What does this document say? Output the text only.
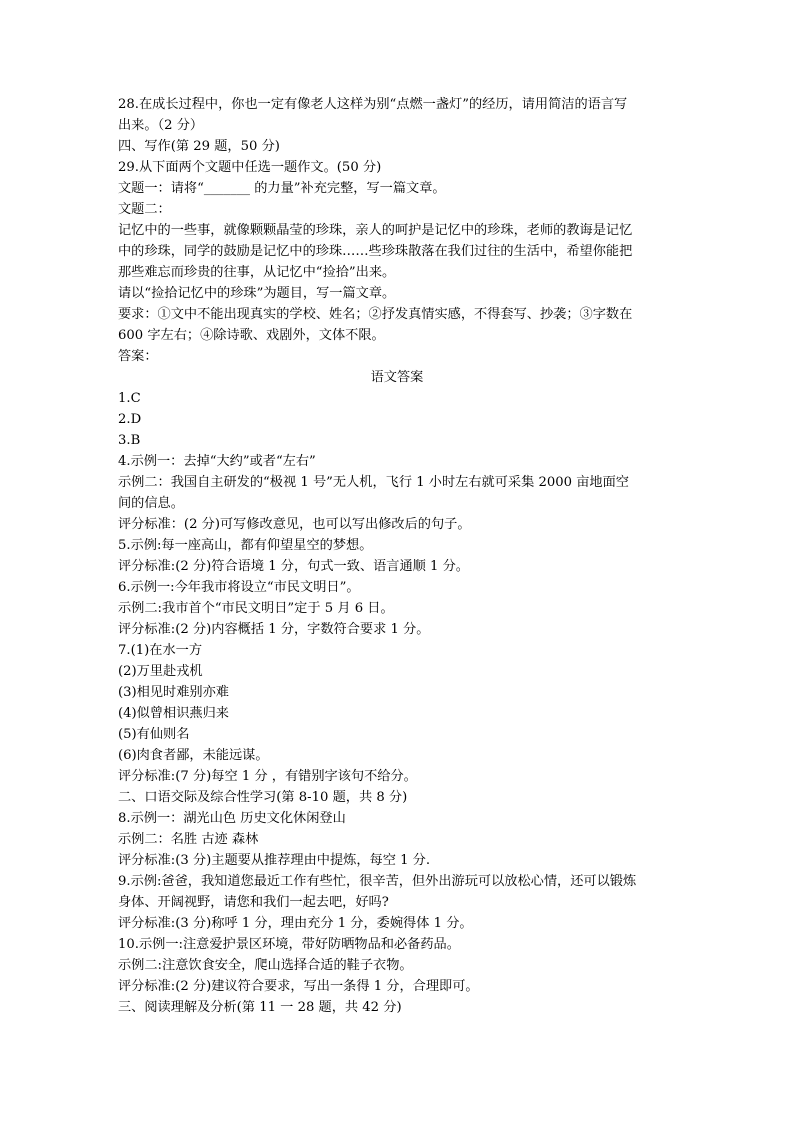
28.在成长过程中，你也一定有像老人这样为别“点燃一盏灯”的经历，请用简洁的语言写
出来。（2 分）
四、写作(第 29 题，50 分)
29.从下面两个文题中任选一题作文。(50 分)
文题一：请将“_______ 的力量”补充完整，写一篇文章。
文题二：
记忆中的一些事，就像颗颗晶莹的珍珠，亲人的呵护是记忆中的珍珠，老师的教诲是记忆
中的珍珠，同学的鼓励是记忆中的珍珠……些珍珠散落在我们过往的生活中，希望你能把
那些难忘而珍贵的往事，从记忆中“捡拾”出来。
请以“捡拾记忆中的珍珠”为题目，写一篇文章。
要求：①文中不能出现真实的学校、姓名；②抒发真情实感，不得套写、抄袭；③字数在
600 字左右；④除诗歌、戏剧外，文体不限。
答案：
语文答案
1.C
2.D
3.B
4.示例一：去掉“大约”或者“左右”
示例二：我国自主研发的“极视 1 号”无人机，飞行 1 小时左右就可采集 2000 亩地面空
间的信息。
评分标准：(2 分)可写修改意见，也可以写出修改后的句子。
5.示例:每一座高山，都有仰望星空的梦想。
评分标准:(2 分)符合语境 1 分，句式一致、语言通顺 1 分。
6.示例一:今年我市将设立“市民文明日”。
示例二:我市首个“市民文明日”定于 5 月 6 日。
评分标准:(2 分)内容概括 1 分，字数符合要求 1 分。
7.(1)在水一方
(2)万里赴戎机
(3)相见时难别亦难
(4)似曾相识燕归来
(5)有仙则名
(6)肉食者鄙，未能远谋。
评分标准:(7 分)每空 1 分 ，有错别字该句不给分。
二、口语交际及综合性学习(第 8-10 题，共 8 分)
8.示例一：湖光山色 历史文化休闲登山
示例二：名胜 古迹 森林
评分标准:(3 分)主题要从推荐理由中提炼，每空 1 分.
9.示例:爸爸，我知道您最近工作有些忙，很辛苦，但外出游玩可以放松心情，还可以锻炼
身体、开阔视野，请您和我们一起去吧，好吗?
评分标准:(3 分)称呼 1 分，理由充分 1 分，委婉得体 1 分。
10.示例一:注意爱护景区环境，带好防晒物品和必备药品。
示例二:注意饮食安全，爬山选择合适的鞋子衣物。
评分标准:(2 分)建议符合要求，写出一条得 1 分，合理即可。
三、阅读理解及分析(第 11 一 28 题，共 42 分)
